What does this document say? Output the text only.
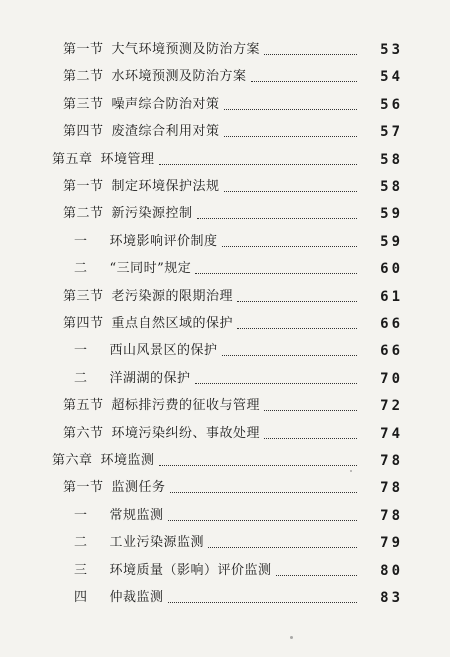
第一节 大气环境预测及防治方案	53
第二节 水环境预测及防治方案	54
第三节 噪声综合防治对策	56
第四节 废渣综合利用对策	57
第五章 环境管理	58
第一节 制定环境保护法规	58
第二节 新污染源控制	59
一 环境影响评价制度	59
二 “三同时”规定	60
第三节 老污染源的限期治理	61
第四节 重点自然区域的保护	66
一 西山风景区的保护	66
二 洋湖湖的保护	70
第五节 超标排污费的征收与管理	72
第六节 环境污染纠纷、事故处理	74
第六章 环境监测	78
第一节 监测任务	78
一 常规监测	78
二 工业污染源监测	79
三 环境质量（影响）评价监测	80
四 仲裁监测	83
